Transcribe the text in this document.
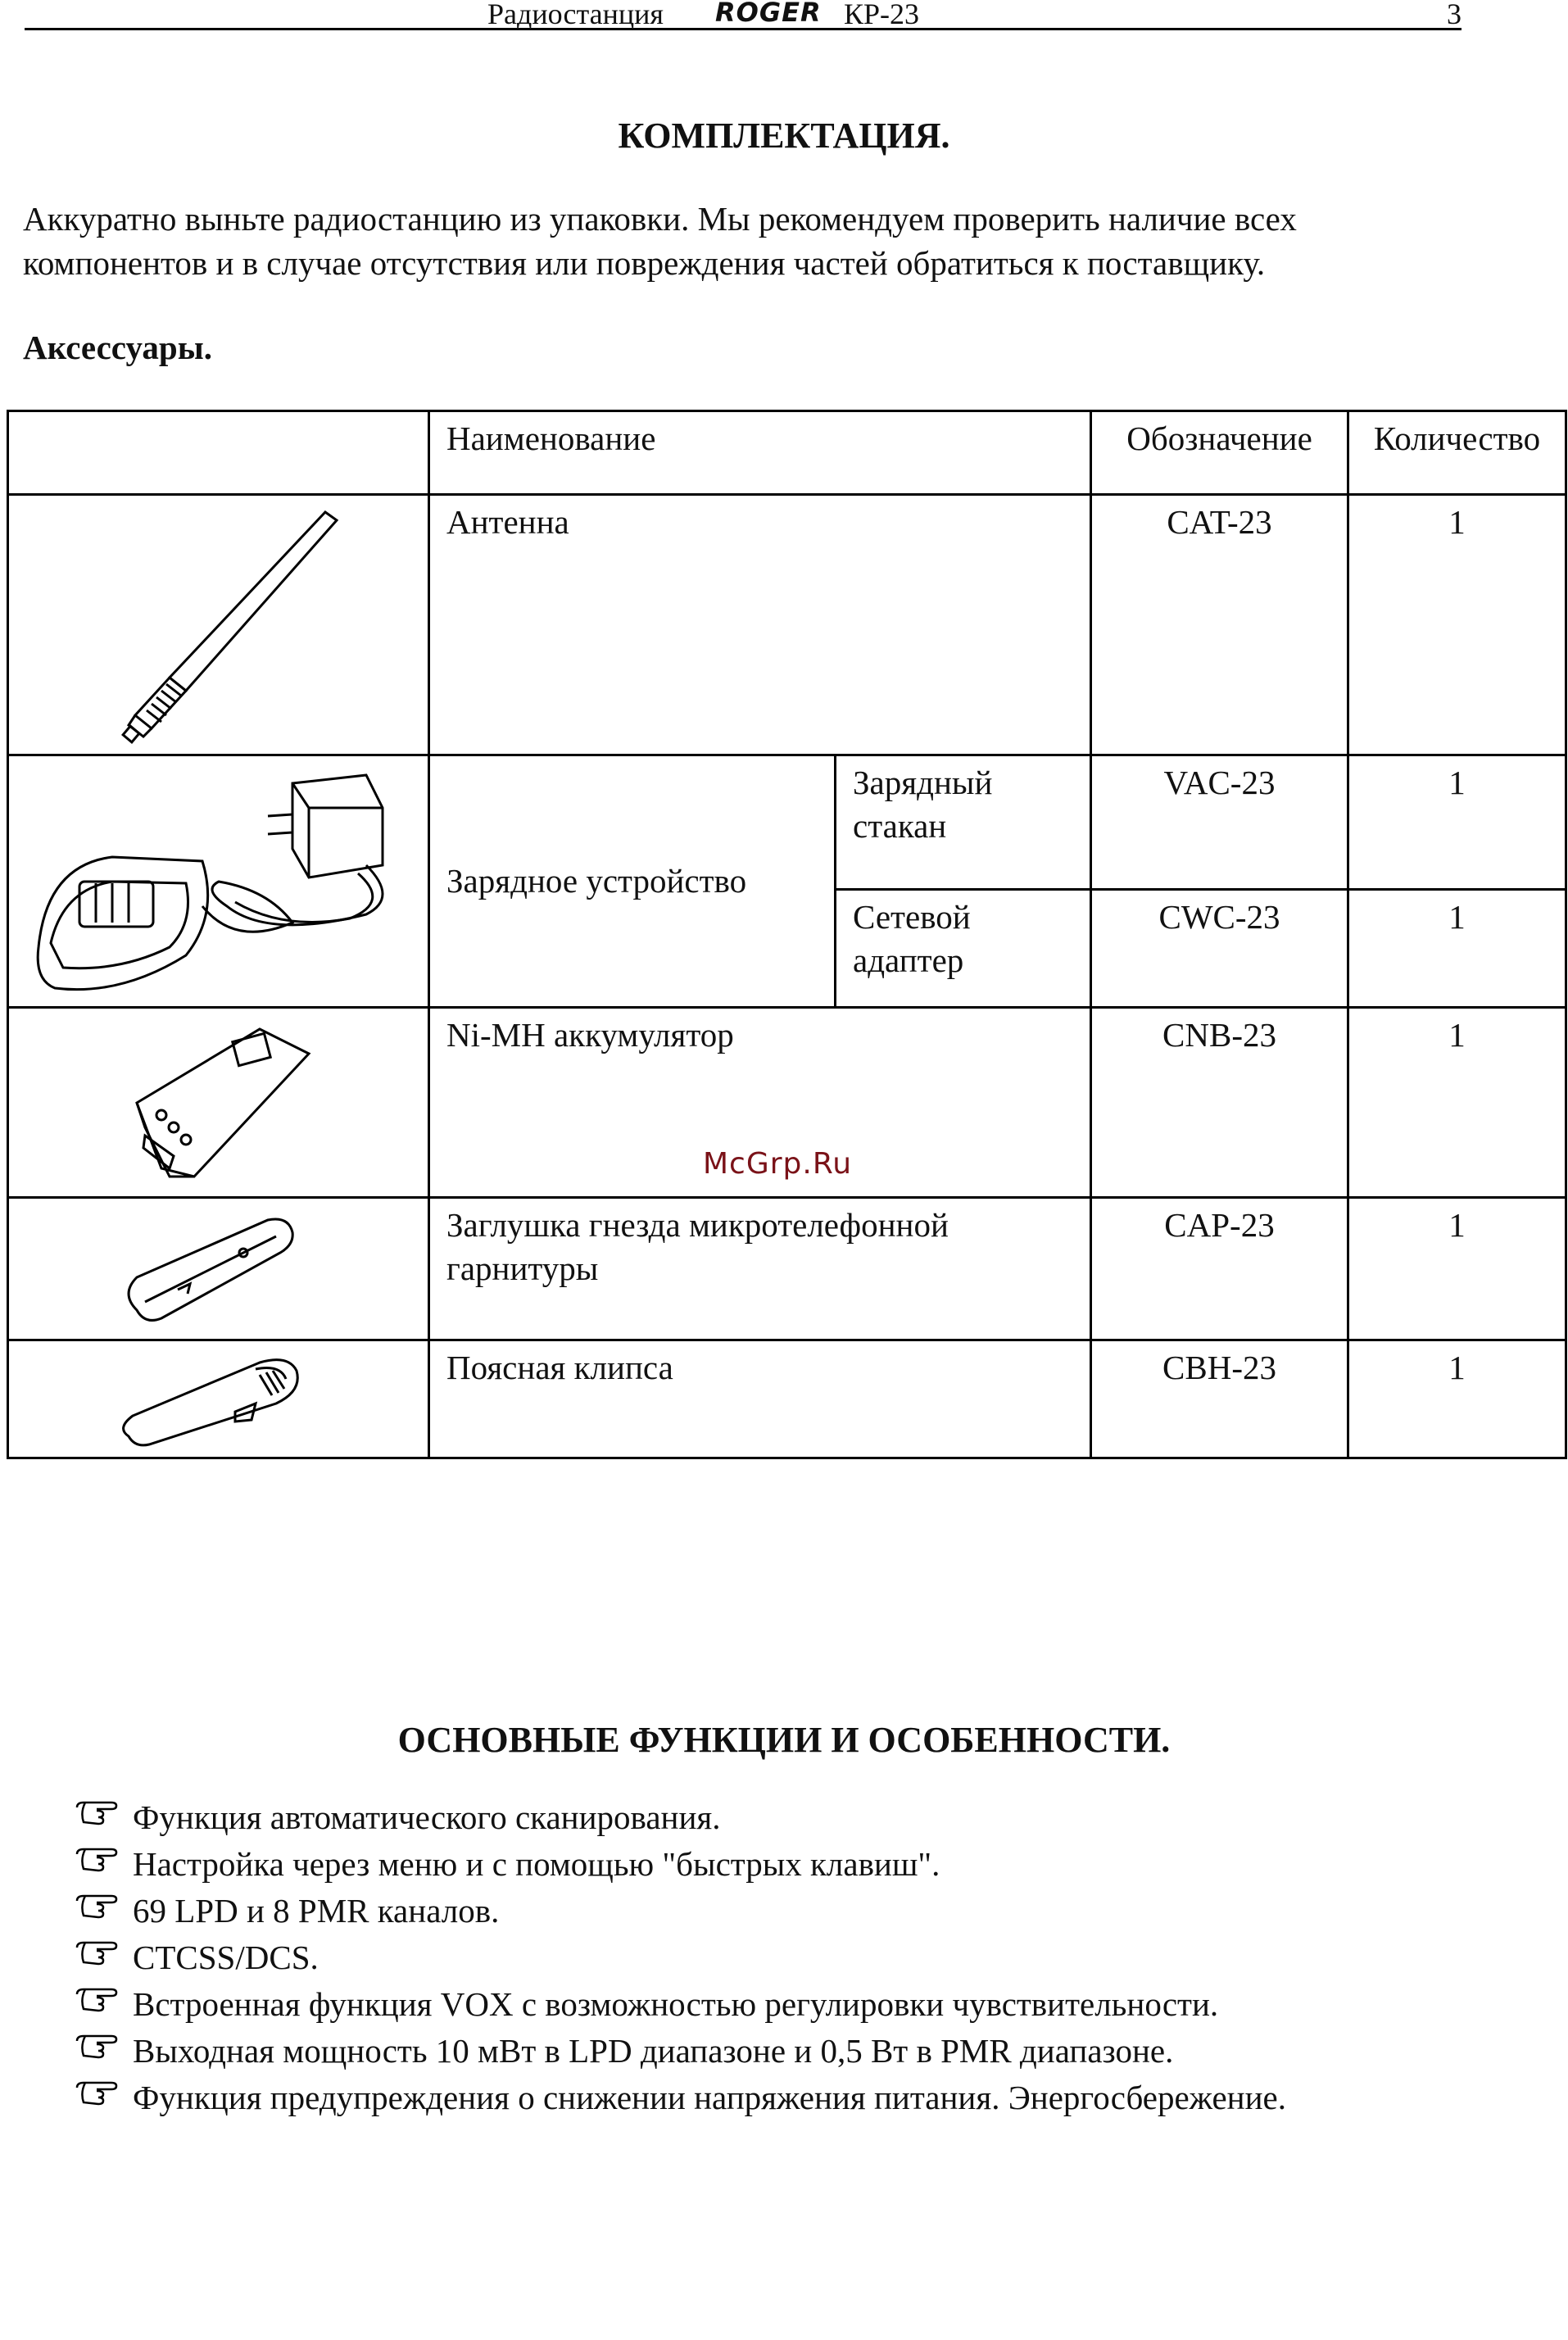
Радиостанция ROGER КР-23	3
КОМПЛЕКТАЦИЯ.
Аккуратно выньте радиостанцию из упаковки. Мы рекомендуем проверить наличие всех компонентов и в случае отсутствия или повреждения частей обратиться к поставщику.
Аксессуары.
	Наименование		Обозначение	Количество

	Антенна		CAT-23	1

	Зарядное устройство	Зарядный стакан	VAC-23	1
		Сетевой адаптер	CWC-23	1

	Ni-MH аккумулятор		CNB-23	1

	Заглушка гнезда микротелефонной гарнитуры		CAP-23	1

	Поясная клипса		CBH-23	1
McGrp.Ru
ОСНОВНЫЕ ФУНКЦИИ И ОСОБЕННОСТИ.
Функция автоматического сканирования.
Настройка через меню и с помощью "быстрых клавиш".
69 LPD и 8 PMR каналов.
CTCSS/DCS.
Встроенная функция VOX с возможностью регулировки чувствительности.
Выходная мощность 10 мВт в LPD диапазоне и 0,5 Вт в PMR диапазоне.
Функция предупреждения о снижении напряжения питания. Энергосбережение.
